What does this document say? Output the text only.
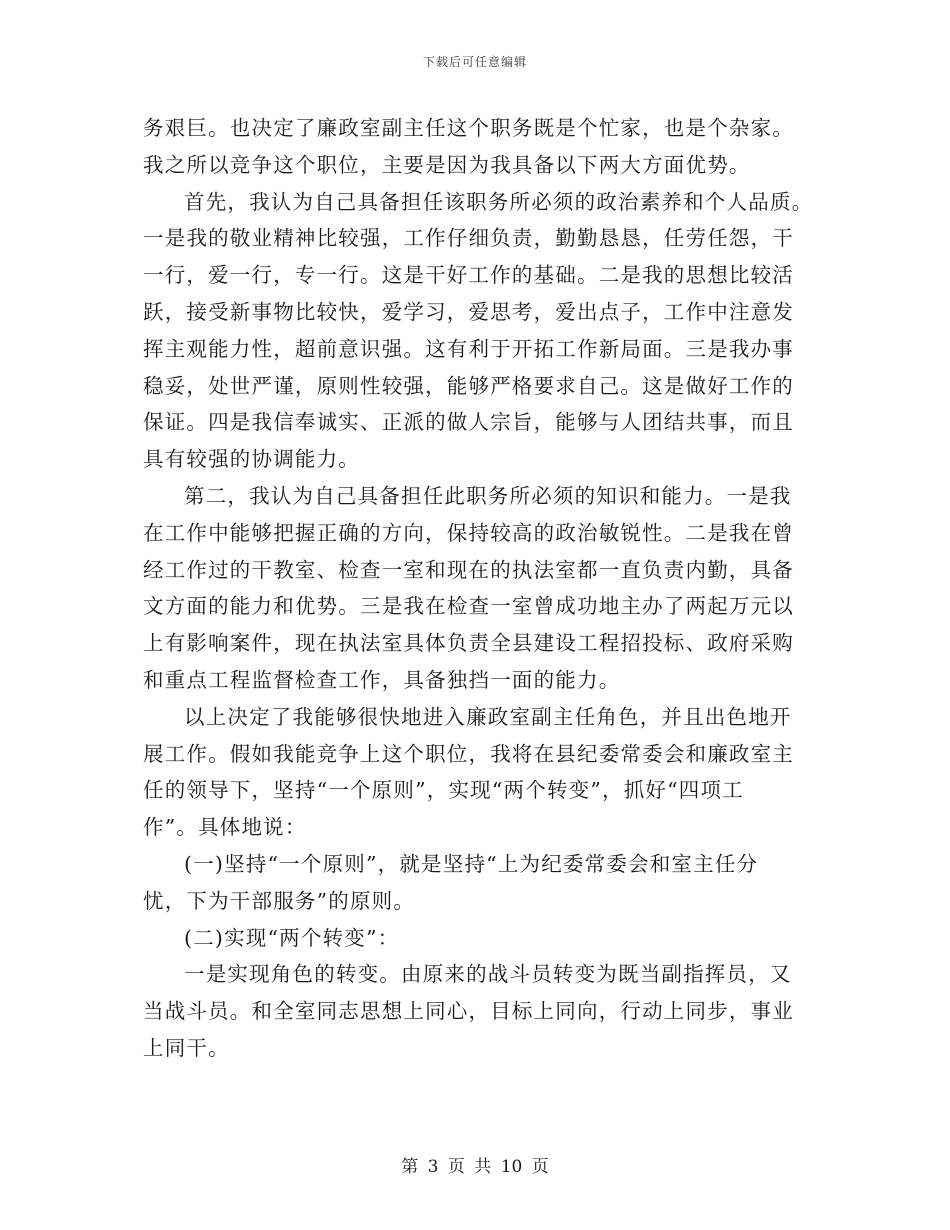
下载后可任意编辑
务艰巨。也决定了廉政室副主任这个职务既是个忙家，也是个杂家。
我之所以竞争这个职位，主要是因为我具备以下两大方面优势。
首先，我认为自己具备担任该职务所必须的政治素养和个人品质。
一是我的敬业精神比较强，工作仔细负责，勤勤恳恳，任劳任怨，干
一行，爱一行，专一行。这是干好工作的基础。二是我的思想比较活
跃，接受新事物比较快，爱学习，爱思考，爱出点子，工作中注意发
挥主观能力性，超前意识强。这有利于开拓工作新局面。三是我办事
稳妥，处世严谨，原则性较强，能够严格要求自己。这是做好工作的
保证。四是我信奉诚实、正派的做人宗旨，能够与人团结共事，而且
具有较强的协调能力。
第二，我认为自己具备担任此职务所必须的知识和能力。一是我
在工作中能够把握正确的方向，保持较高的政治敏锐性。二是我在曾
经工作过的干教室、检查一室和现在的执法室都一直负责内勤，具备
文方面的能力和优势。三是我在检查一室曾成功地主办了两起万元以
上有影响案件，现在执法室具体负责全县建设工程招投标、政府采购
和重点工程监督检查工作，具备独挡一面的能力。
以上决定了我能够很快地进入廉政室副主任角色，并且出色地开
展工作。假如我能竞争上这个职位，我将在县纪委常委会和廉政室主
任的领导下，坚持“一个原则”，实现“两个转变”，抓好“四项工
作”。具体地说：
(一)坚持“一个原则”，就是坚持“上为纪委常委会和室主任分
忧，下为干部服务”的原则。
(二)实现“两个转变”：
一是实现角色的转变。由原来的战斗员转变为既当副指挥员，又
当战斗员。和全室同志思想上同心，目标上同向，行动上同步，事业
上同干。
第 3 页 共 10 页
